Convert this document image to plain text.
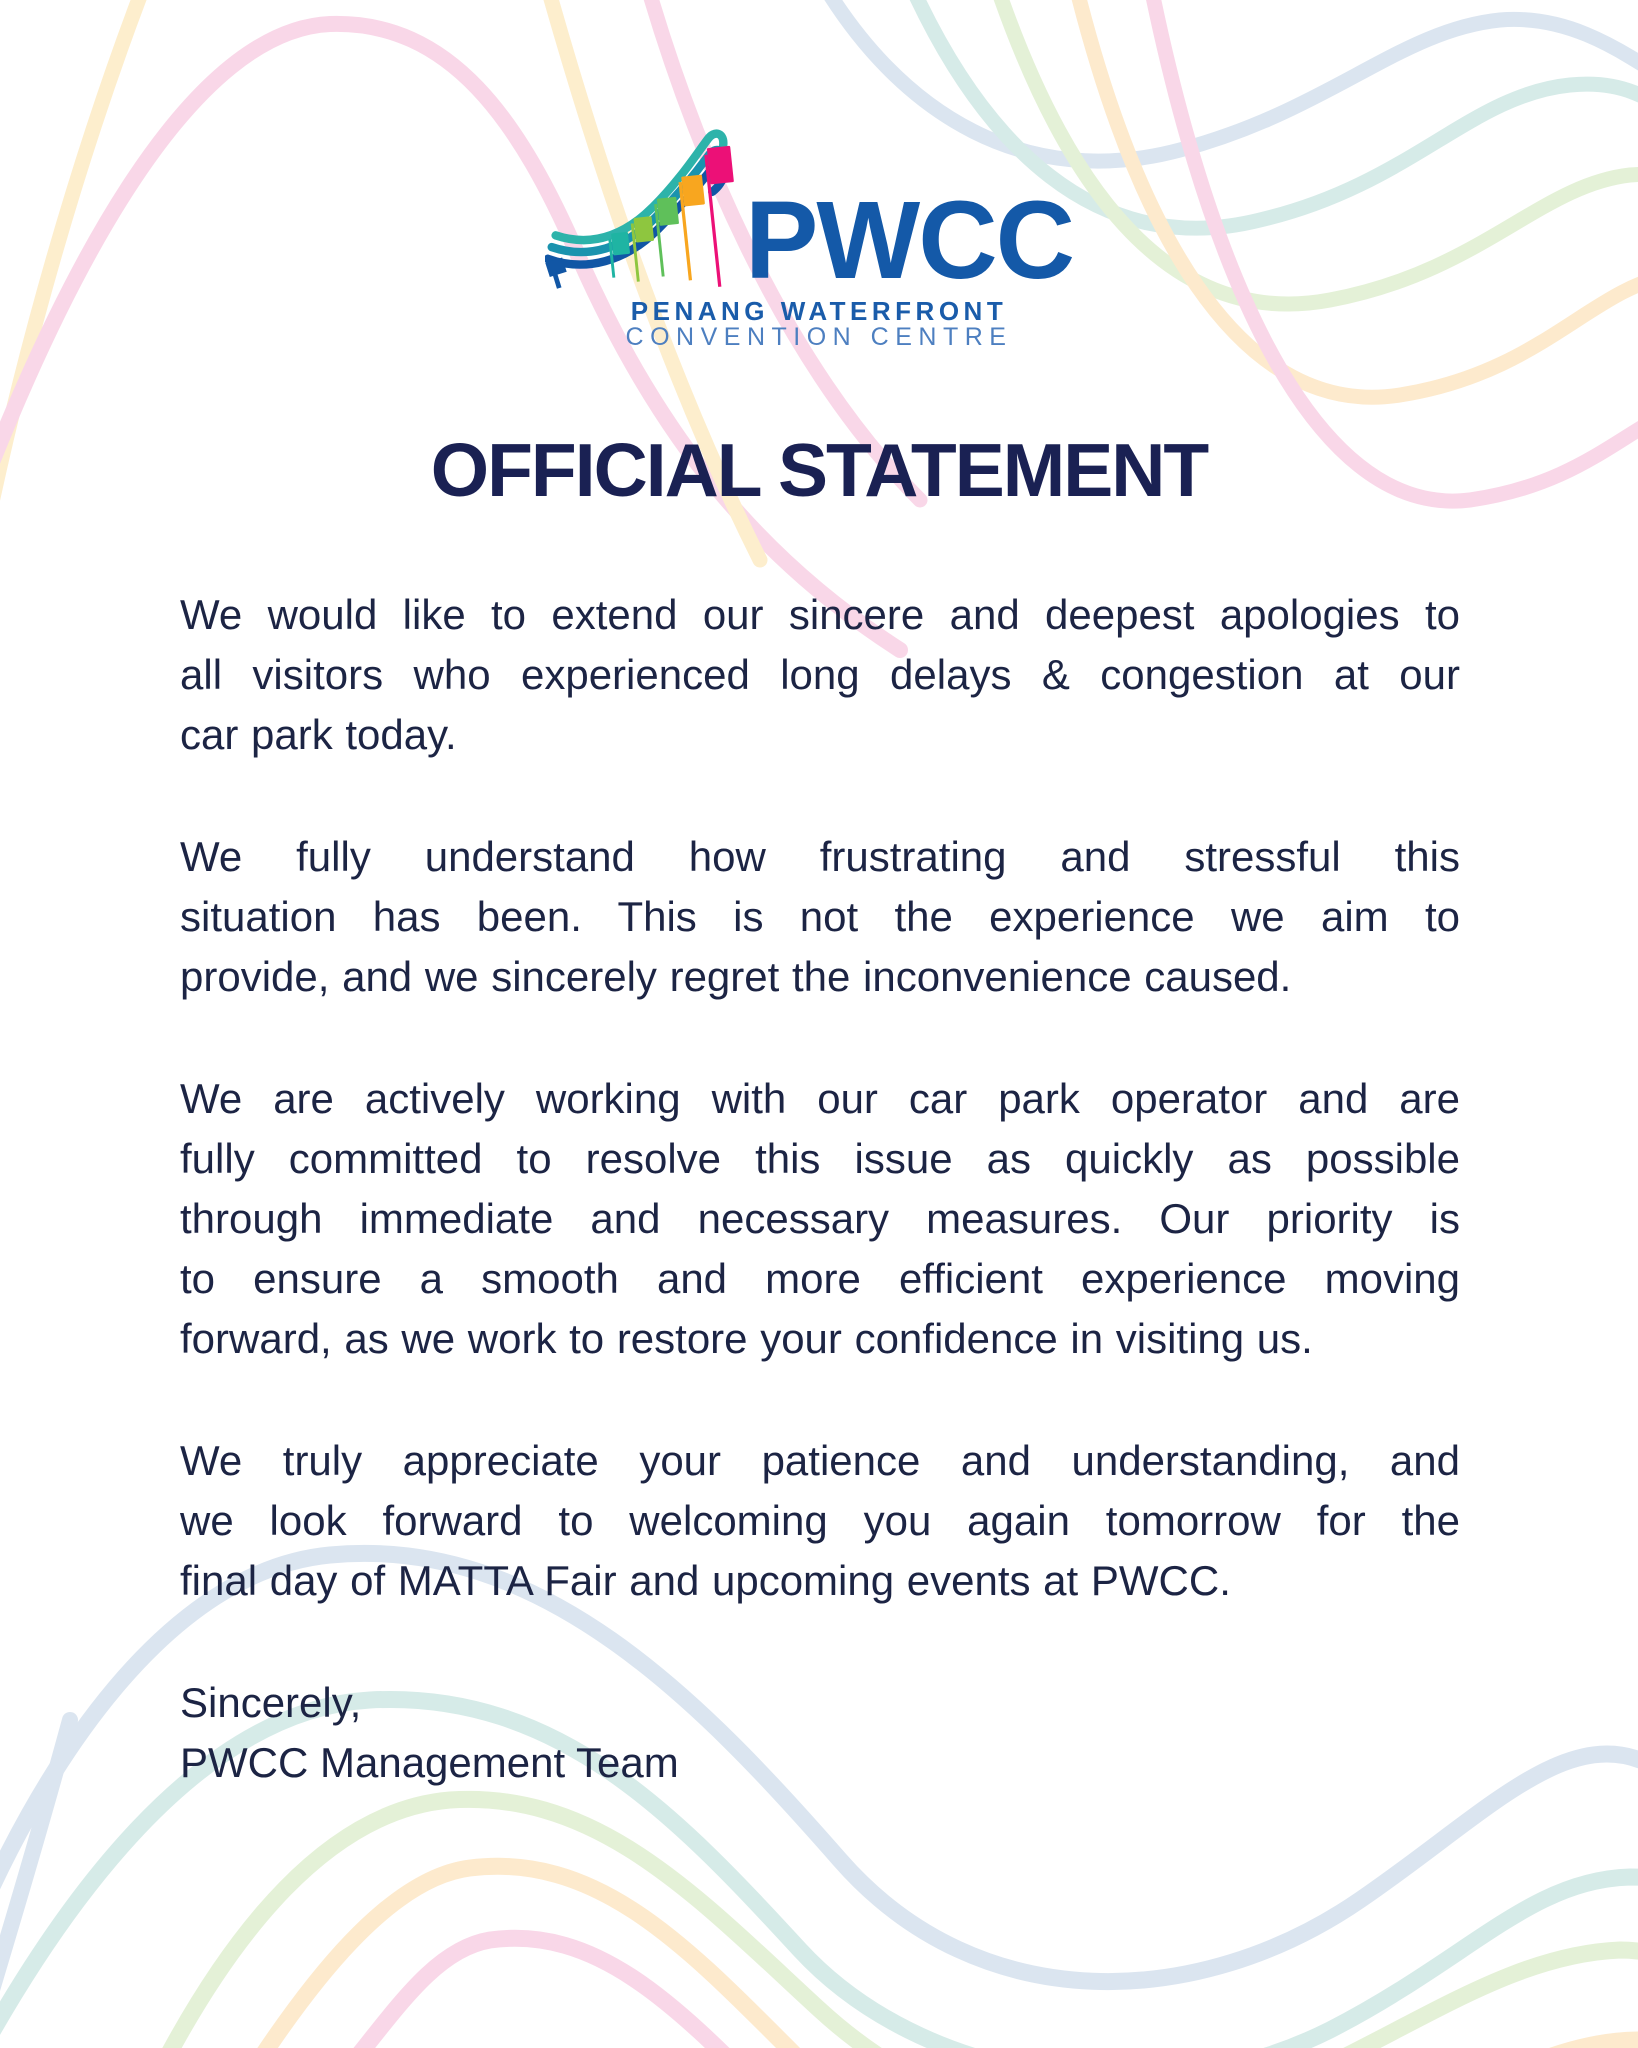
PWCC
PENANG WATERFRONT
CONVENTION CENTRE
OFFICIAL STATEMENT
We would like to extend our sincere and deepest apologies to
all visitors who experienced long delays & congestion at our
car park today.
We fully understand how frustrating and stressful this
situation has been. This is not the experience we aim to
provide, and we sincerely regret the inconvenience caused.
We are actively working with our car park operator and are
fully committed to resolve this issue as quickly as possible
through immediate and necessary measures. Our priority is
to ensure a smooth and more efficient experience moving
forward, as we work to restore your confidence in visiting us.
We truly appreciate your patience and understanding, and
we look forward to welcoming you again tomorrow for the
final day of MATTA Fair and upcoming events at PWCC.
Sincerely,
PWCC Management Team
